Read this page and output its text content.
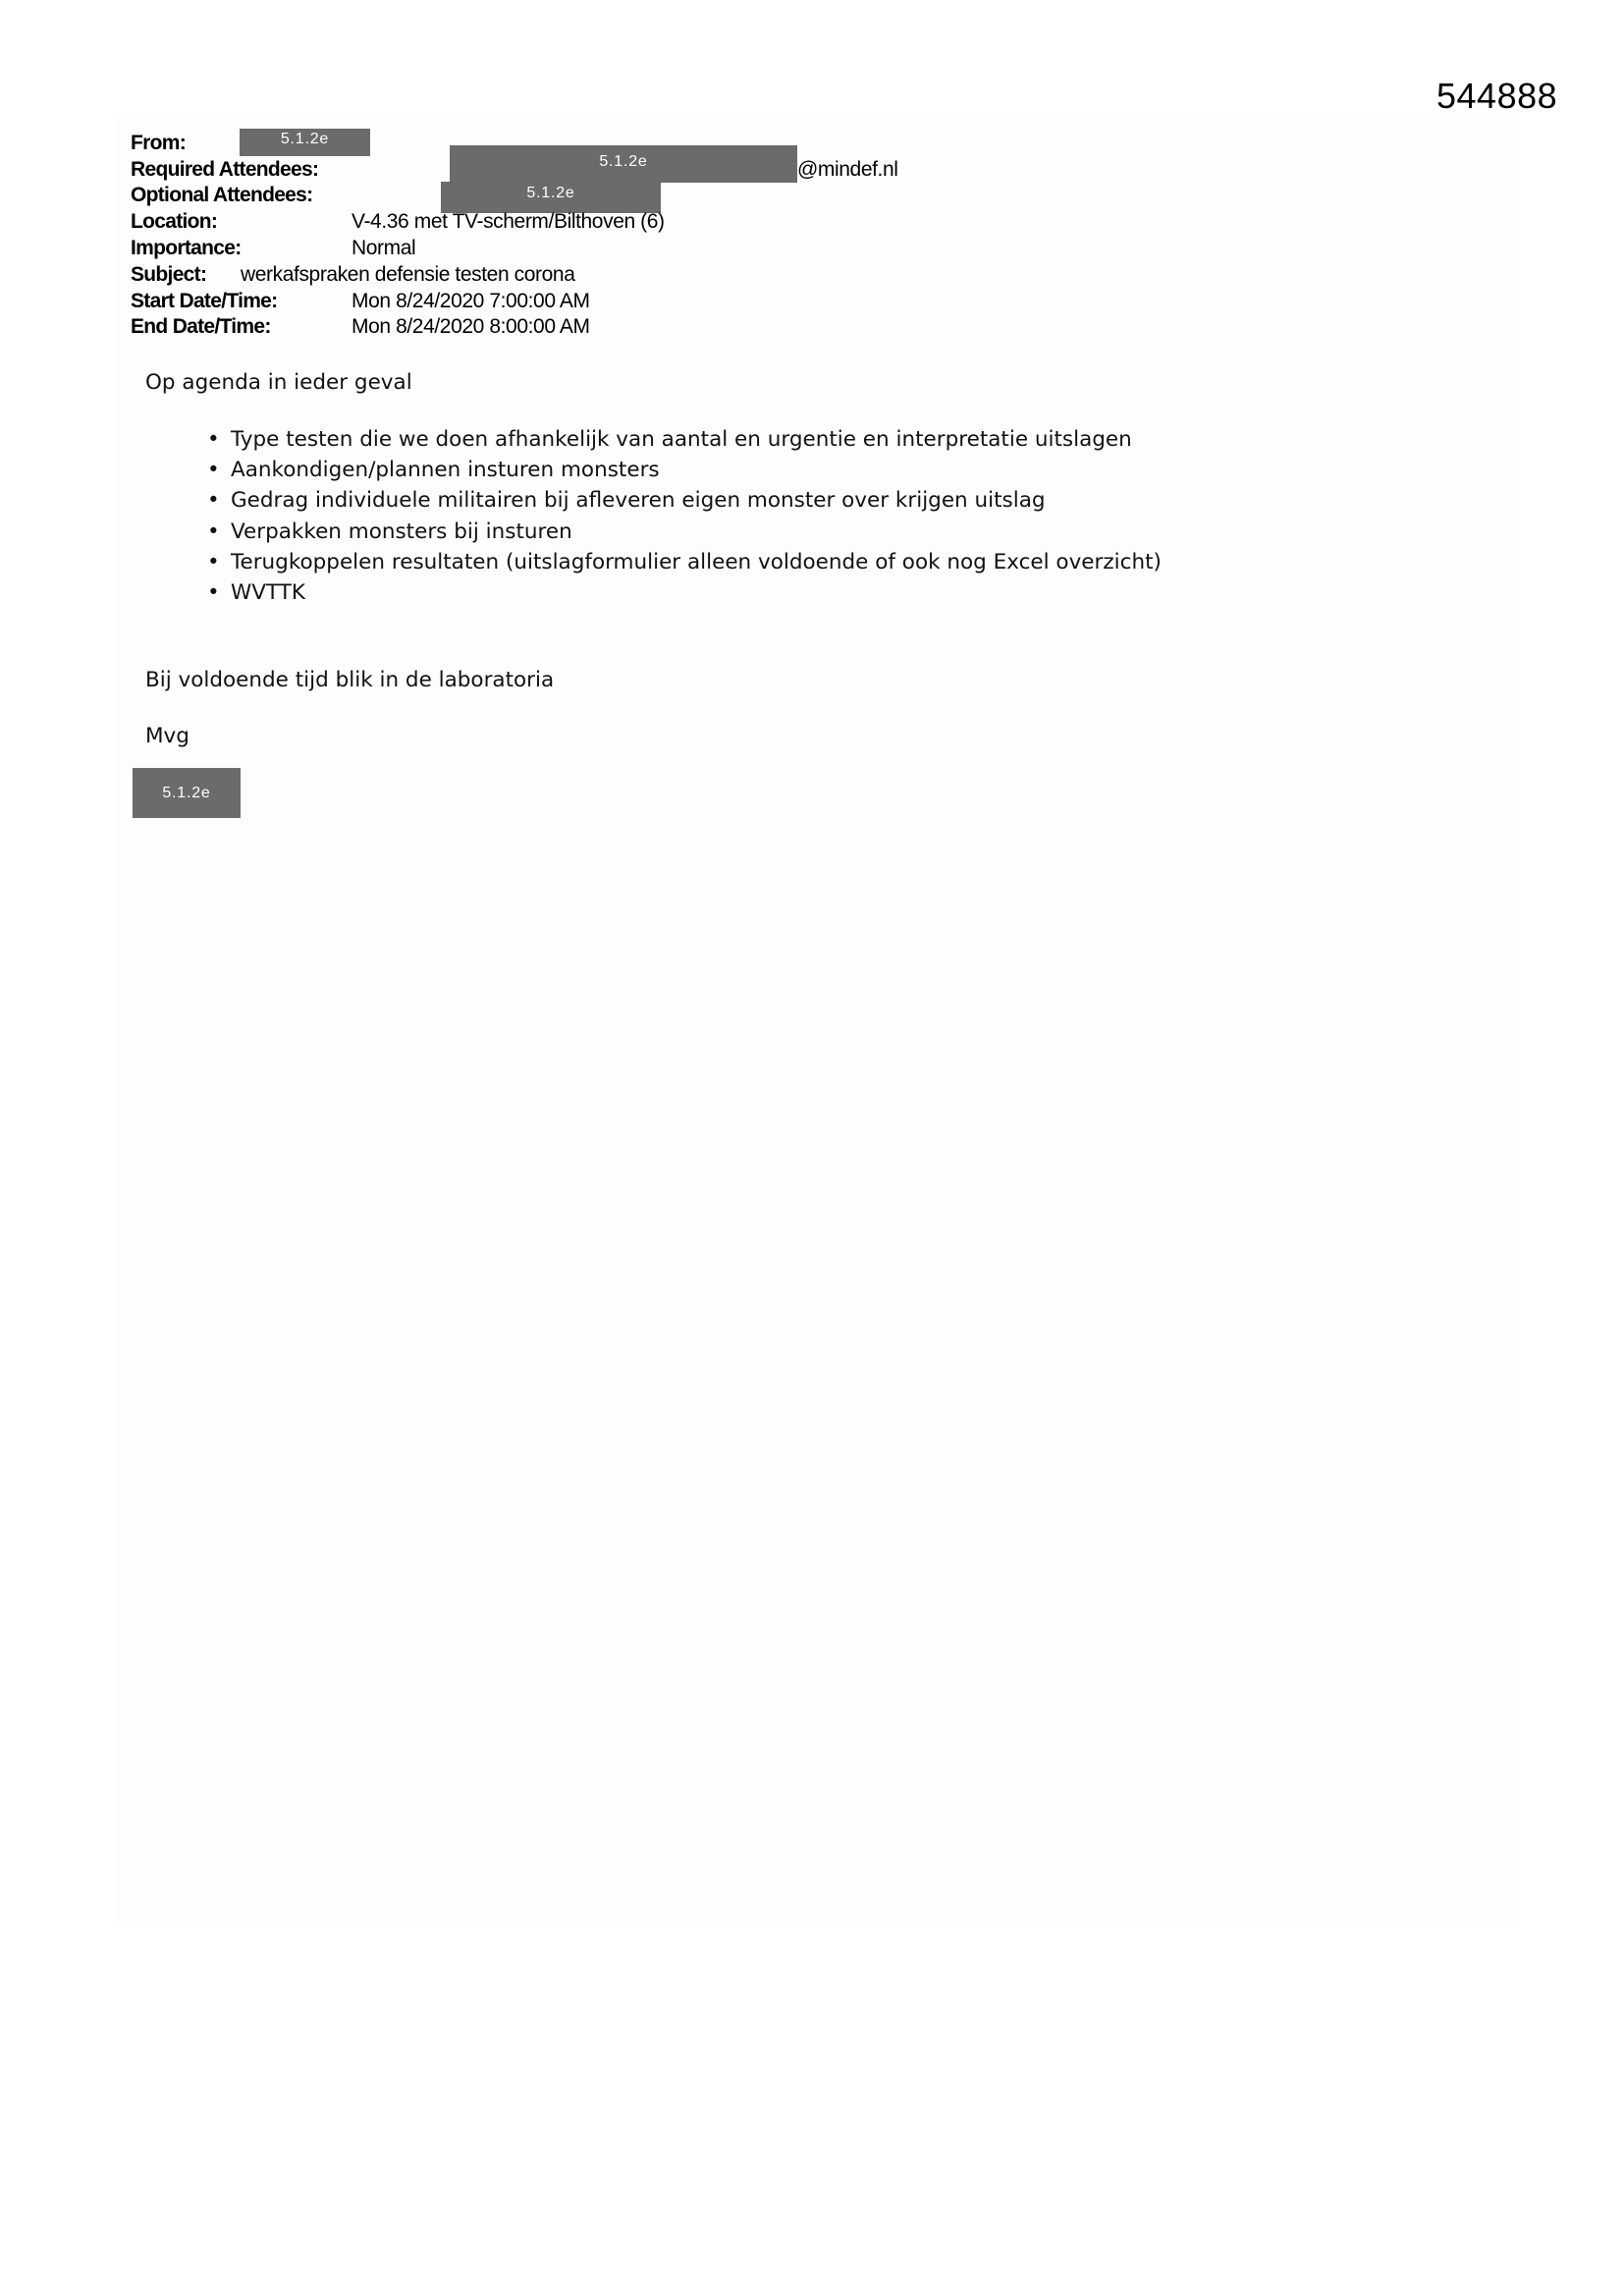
544888
From:	5.1.2e
Required Attendees:	5.1.2e	@mindef.nl
Optional Attendees:	5.1.2e
Location:	V-4.36 met TV-scherm/Bilthoven (6)
Importance:	Normal
Subject: werkafspraken defensie testen corona
Start Date/Time:	Mon 8/24/2020 7:00:00 AM
End Date/Time:	Mon 8/24/2020 8:00:00 AM
Op agenda in ieder geval
• Type testen die we doen afhankelijk van aantal en urgentie en interpretatie uitslagen
• Aankondigen/plannen insturen monsters
• Gedrag individuele militairen bij afleveren eigen monster over krijgen uitslag
• Verpakken monsters bij insturen
• Terugkoppelen resultaten (uitslagformulier alleen voldoende of ook nog Excel overzicht)
• WVTTK
Bij voldoende tijd blik in de laboratoria
Mvg
5.1.2e
